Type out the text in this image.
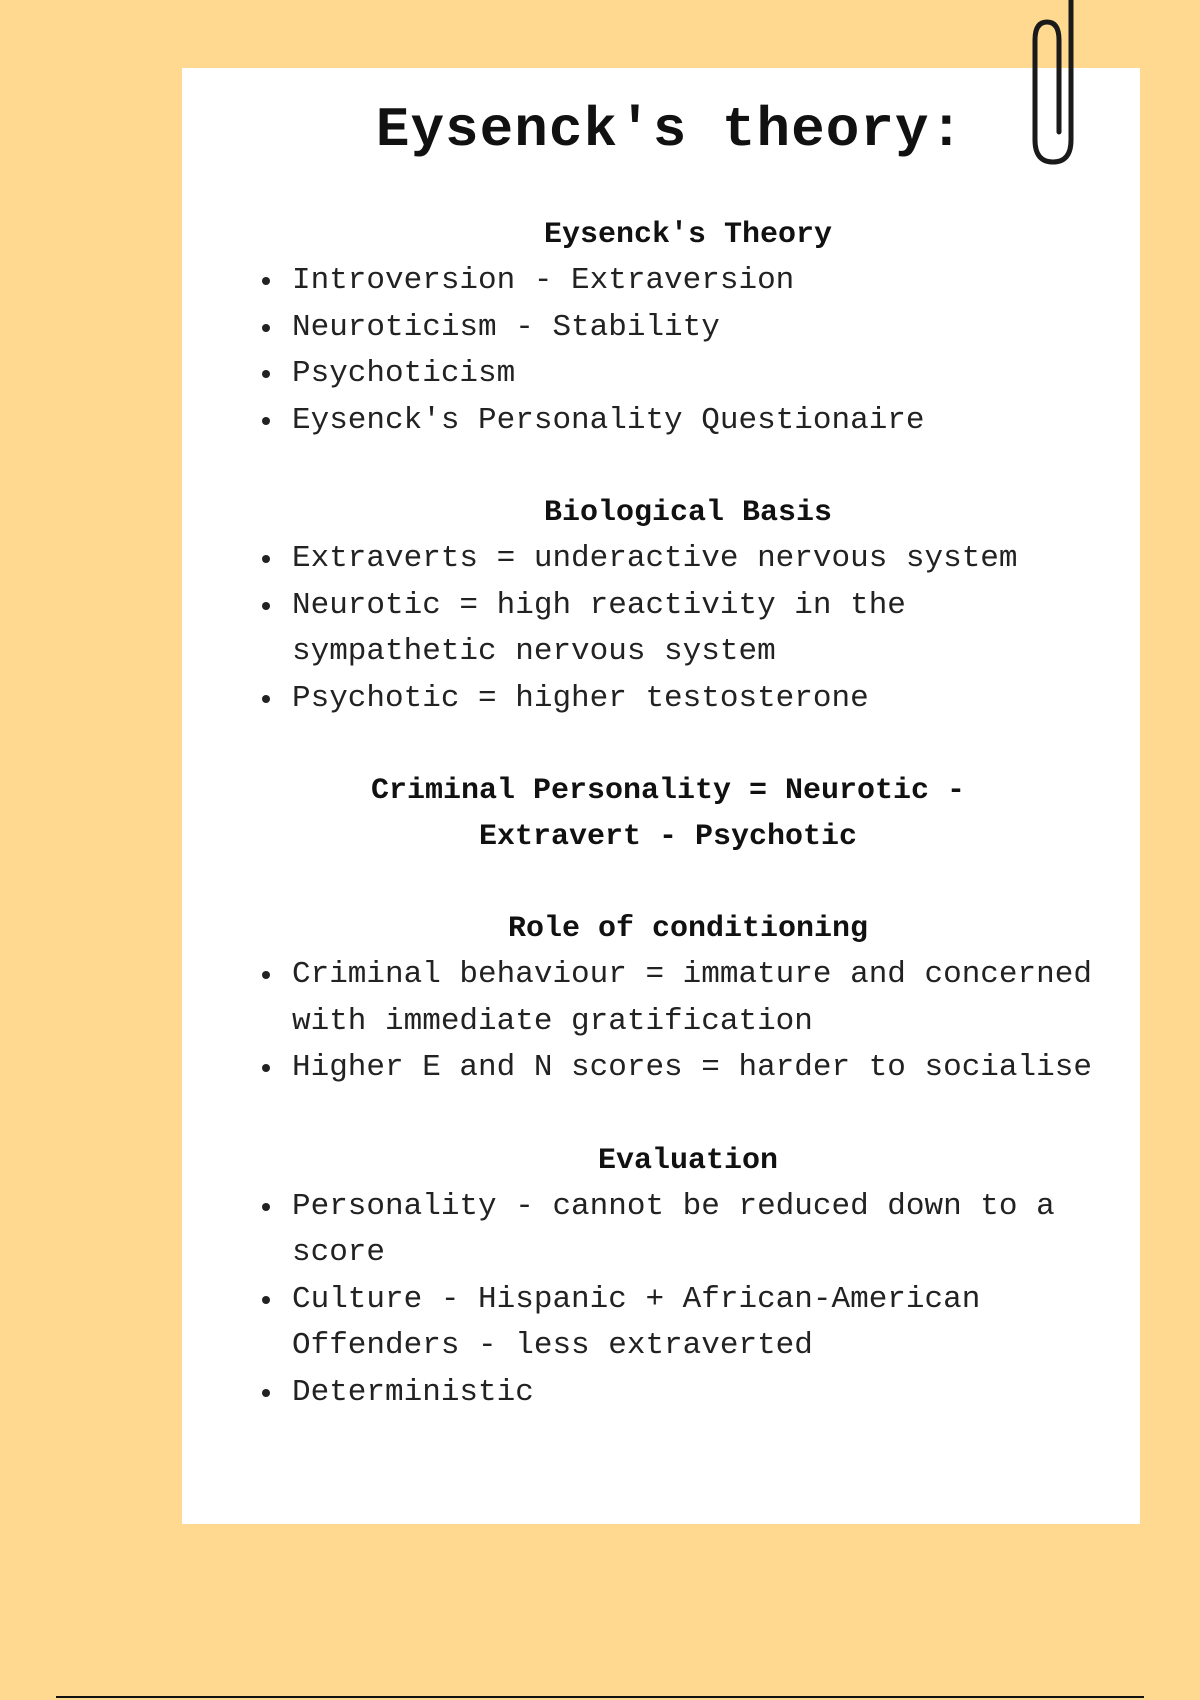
Eysenck's theory:
Eysenck's Theory
Introversion - Extraversion
Neuroticism - Stability
Psychoticism
Eysenck's Personality Questionaire
Biological Basis
Extraverts = underactive nervous system
Neurotic = high reactivity in the sympathetic nervous system
Psychotic = higher testosterone
Criminal Personality = Neurotic - Extravert - Psychotic
Role of conditioning
Criminal behaviour = immature and concerned with immediate gratification
Higher E and N scores = harder to socialise
Evaluation
Personality - cannot be reduced down to a score
Culture - Hispanic + African-American Offenders - less extraverted
Deterministic
